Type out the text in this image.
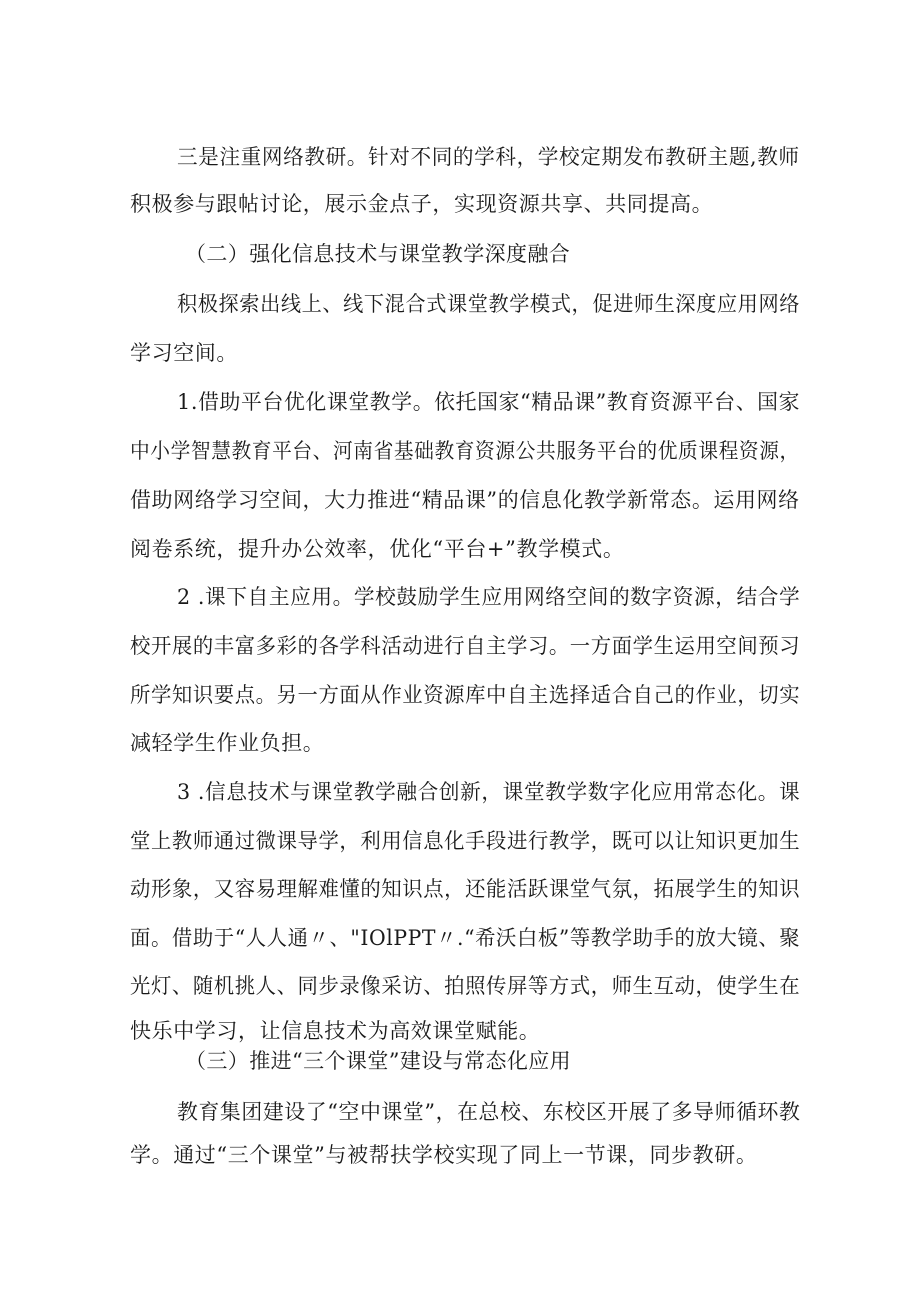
三是注重网络教研。针对不同的学科，学校定期发布教研主题,教师
积极参与跟帖讨论，展示金点子，实现资源共享、共同提高。
（二）强化信息技术与课堂教学深度融合
积极探索出线上、线下混合式课堂教学模式，促进师生深度应用网络
学习空间。
1.借助平台优化课堂教学。依托国家“精品课”教育资源平台、国家
中小学智慧教育平台、河南省基础教育资源公共服务平台的优质课程资源，
借助网络学习空间，大力推进“精品课”的信息化教学新常态。运用网络
阅卷系统，提升办公效率，优化“平台+”教学模式。
2 .课下自主应用。学校鼓励学生应用网络空间的数字资源，结合学
校开展的丰富多彩的各学科活动进行自主学习。一方面学生运用空间预习
所学知识要点。另一方面从作业资源库中自主选择适合自己的作业，切实
减轻学生作业负担。
3 .信息技术与课堂教学融合创新，课堂教学数字化应用常态化。课
堂上教师通过微课导学，利用信息化手段进行教学，既可以让知识更加生
动形象，又容易理解难懂的知识点，还能活跃课堂气氛，拓展学生的知识
面。借助于“人人通〃、"IOlPPT〃.“希沃白板”等教学助手的放大镜、聚
光灯、随机挑人、同步录像采访、拍照传屏等方式，师生互动，使学生在
快乐中学习，让信息技术为高效课堂赋能。
（三）推进“三个课堂”建设与常态化应用
教育集团建设了“空中课堂”，在总校、东校区开展了多导师循环教
学。通过“三个课堂”与被帮扶学校实现了同上一节课，同步教研。
